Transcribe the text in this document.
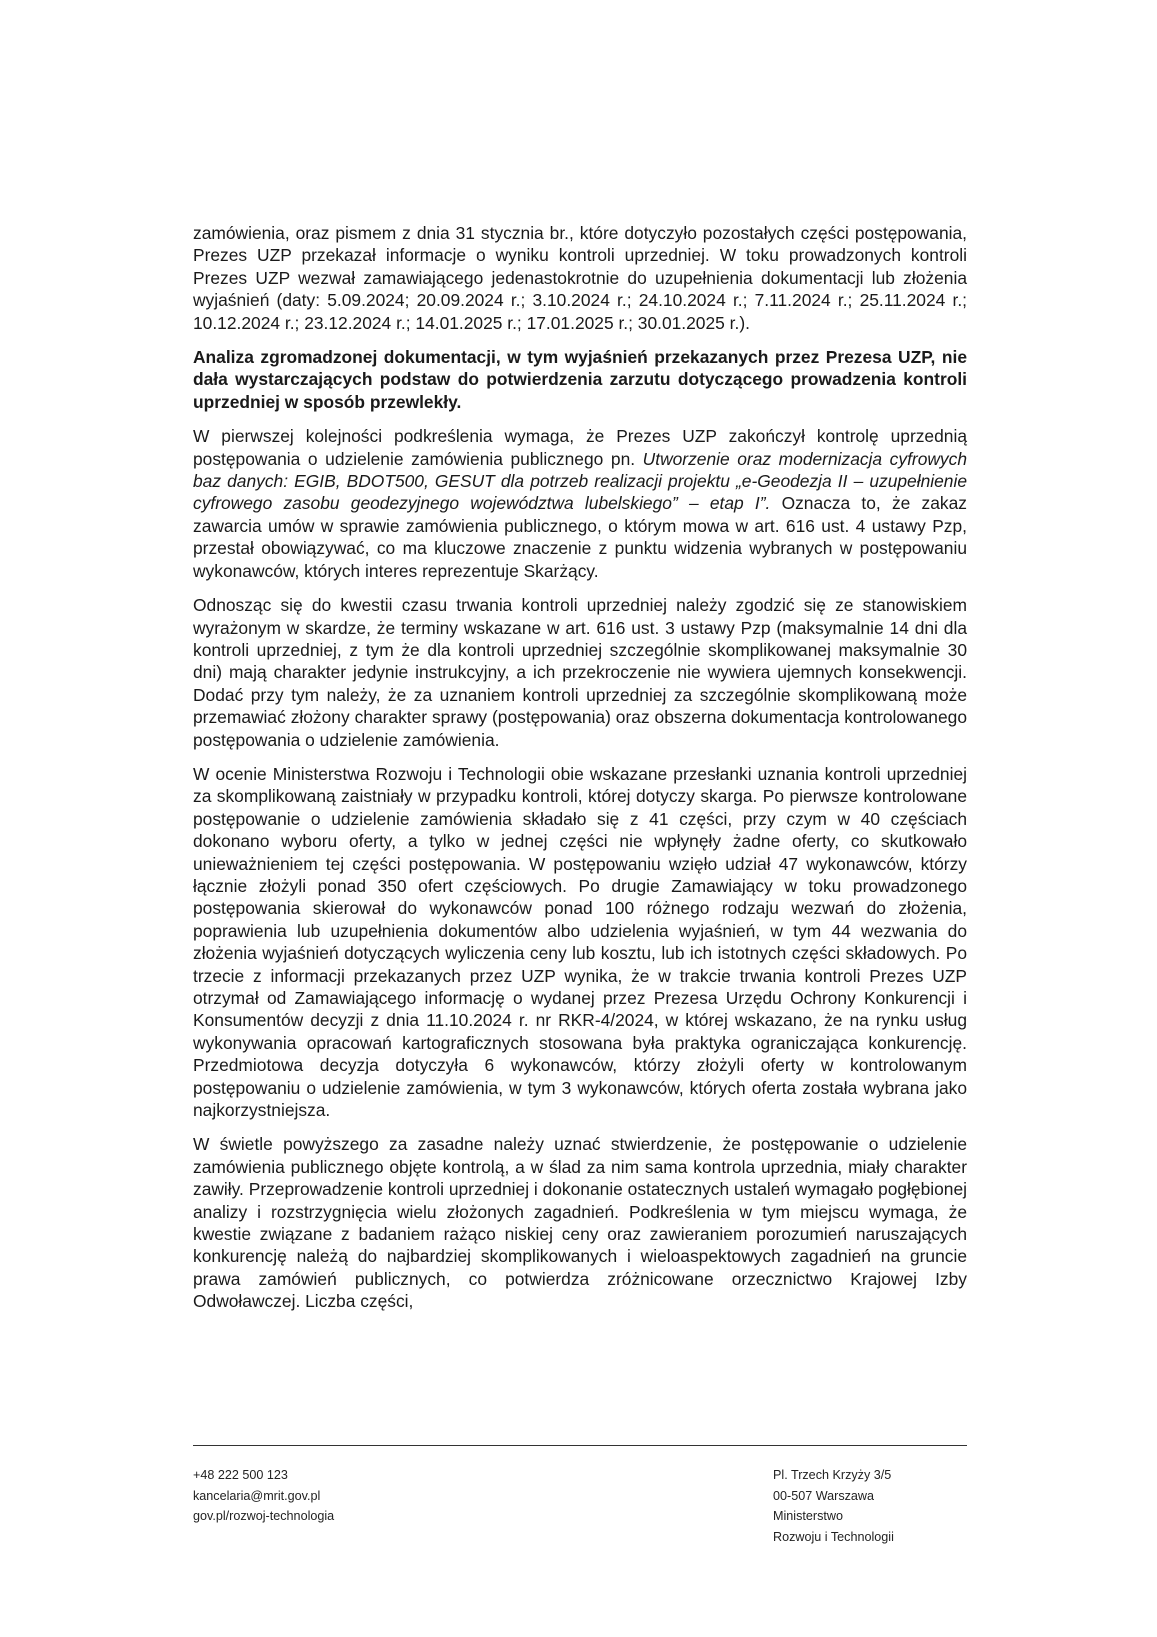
zamówienia, oraz pismem z dnia 31 stycznia br., które dotyczyło pozostałych części postępowania, Prezes UZP przekazał informacje o wyniku kontroli uprzedniej. W toku prowadzonych kontroli Prezes UZP wezwał zamawiającego jedenastokrotnie do uzupełnienia dokumentacji lub złożenia wyjaśnień (daty: 5.09.2024; 20.09.2024 r.; 3.10.2024 r.; 24.10.2024 r.; 7.11.2024 r.; 25.11.2024 r.; 10.12.2024 r.; 23.12.2024 r.; 14.01.2025 r.; 17.01.2025 r.; 30.01.2025 r.).

Analiza zgromadzonej dokumentacji, w tym wyjaśnień przekazanych przez Prezesa UZP, nie dała wystarczających podstaw do potwierdzenia zarzutu dotyczącego prowadzenia kontroli uprzedniej w sposób przewlekły.

W pierwszej kolejności podkreślenia wymaga, że Prezes UZP zakończył kontrolę uprzednią postępowania o udzielenie zamówienia publicznego pn. Utworzenie oraz modernizacja cyfrowych baz danych: EGIB, BDOT500, GESUT dla potrzeb realizacji projektu „e-Geodezja II – uzupełnienie cyfrowego zasobu geodezyjnego województwa lubelskiego” – etap I”. Oznacza to, że zakaz zawarcia umów w sprawie zamówienia publicznego, o którym mowa w art. 616 ust. 4 ustawy Pzp, przestał obowiązywać, co ma kluczowe znaczenie z punktu widzenia wybranych w postępowaniu wykonawców, których interes reprezentuje Skarżący.

Odnosząc się do kwestii czasu trwania kontroli uprzedniej należy zgodzić się ze stanowiskiem wyrażonym w skardze, że terminy wskazane w art. 616 ust. 3 ustawy Pzp (maksymalnie 14 dni dla kontroli uprzedniej, z tym że dla kontroli uprzedniej szczególnie skomplikowanej maksymalnie 30 dni) mają charakter jedynie instrukcyjny, a ich przekroczenie nie wywiera ujemnych konsekwencji. Dodać przy tym należy, że za uznaniem kontroli uprzedniej za szczególnie skomplikowaną może przemawiać złożony charakter sprawy (postępowania) oraz obszerna dokumentacja kontrolowanego postępowania o udzielenie zamówienia.

W ocenie Ministerstwa Rozwoju i Technologii obie wskazane przesłanki uznania kontroli uprzedniej za skomplikowaną zaistniały w przypadku kontroli, której dotyczy skarga. Po pierwsze kontrolowane postępowanie o udzielenie zamówienia składało się z 41 części, przy czym w 40 częściach dokonano wyboru oferty, a tylko w jednej części nie wpłynęły żadne oferty, co skutkowało unieważnieniem tej części postępowania. W postępowaniu wzięło udział 47 wykonawców, którzy łącznie złożyli ponad 350 ofert częściowych. Po drugie Zamawiający w toku prowadzonego postępowania skierował do wykonawców ponad 100 różnego rodzaju wezwań do złożenia, poprawienia lub uzupełnienia dokumentów albo udzielenia wyjaśnień, w tym 44 wezwania do złożenia wyjaśnień dotyczących wyliczenia ceny lub kosztu, lub ich istotnych części składowych. Po trzecie z informacji przekazanych przez UZP wynika, że w trakcie trwania kontroli Prezes UZP otrzymał od Zamawiającego informację o wydanej przez Prezesa Urzędu Ochrony Konkurencji i Konsumentów decyzji z dnia 11.10.2024 r. nr RKR-4/2024, w której wskazano, że na rynku usług wykonywania opracowań kartograficznych stosowana była praktyka ograniczająca konkurencję. Przedmiotowa decyzja dotyczyła 6 wykonawców, którzy złożyli oferty w kontrolowanym postępowaniu o udzielenie zamówienia, w tym 3 wykonawców, których oferta została wybrana jako najkorzystniejsza.

W świetle powyższego za zasadne należy uznać stwierdzenie, że postępowanie o udzielenie zamówienia publicznego objęte kontrolą, a w ślad za nim sama kontrola uprzednia, miały charakter zawiły. Przeprowadzenie kontroli uprzedniej i dokonanie ostatecznych ustaleń wymagało pogłębionej analizy i rozstrzygnięcia wielu złożonych zagadnień. Podkreślenia w tym miejscu wymaga, że kwestie związane z badaniem rażąco niskiej ceny oraz zawieraniem porozumień naruszających konkurencję należą do najbardziej skomplikowanych i wieloaspektowych zagadnień na gruncie prawa zamówień publicznych, co potwierdza zróżnicowane orzecznictwo Krajowej Izby Odwoławczej. Liczba części,

+48 222 500 123
kancelaria@mrit.gov.pl
gov.pl/rozwoj-technologia
Pl. Trzech Krzyży 3/5
00-507 Warszawa
Ministerstwo
Rozwoju i Technologii
